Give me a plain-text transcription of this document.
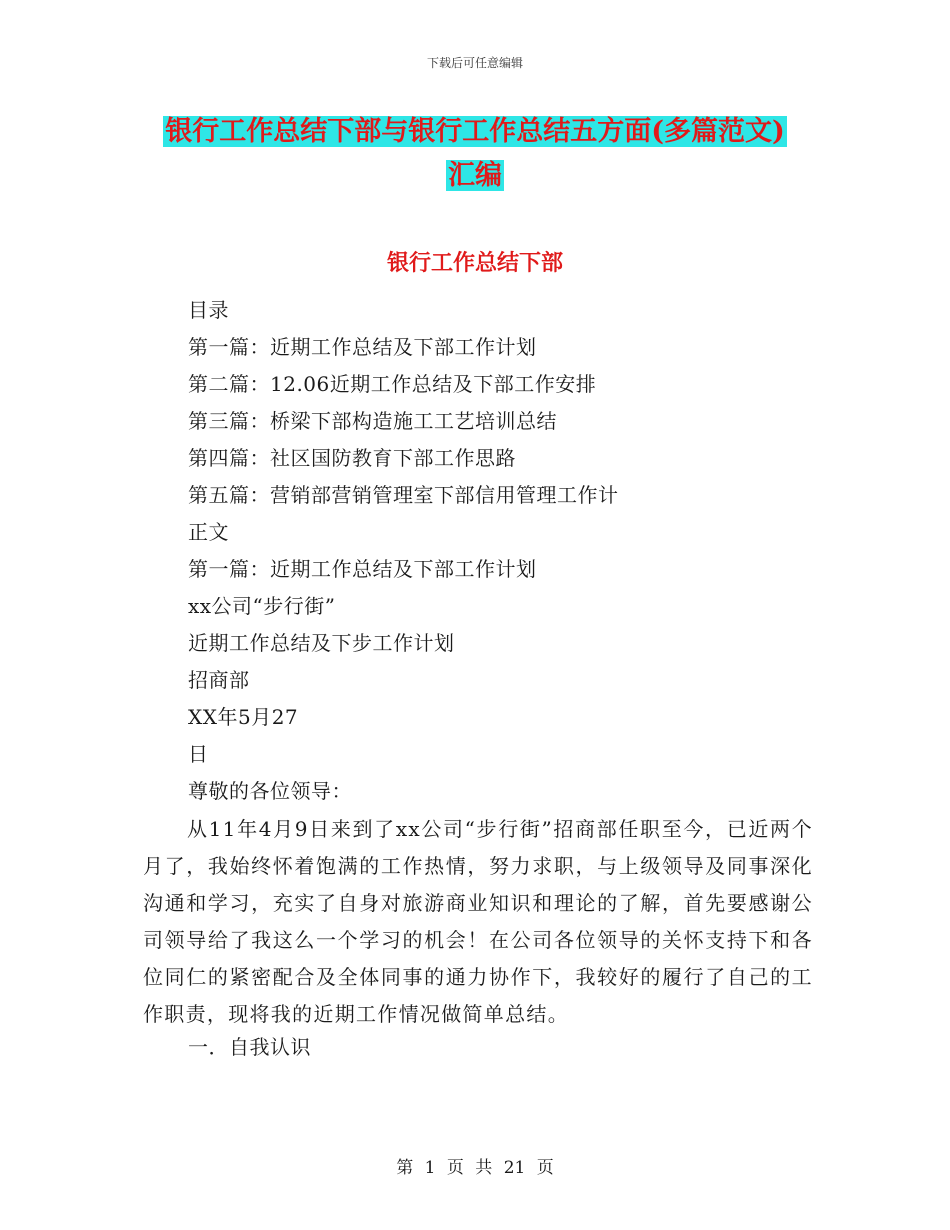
下载后可任意编辑
银行工作总结下部与银行工作总结五方面(多篇范文)
汇编
银行工作总结下部
目录
第一篇：近期工作总结及下部工作计划
第二篇：12.06近期工作总结及下部工作安排
第三篇：桥梁下部构造施工工艺培训总结
第四篇：社区国防教育下部工作思路
第五篇：营销部营销管理室下部信用管理工作计
正文
第一篇：近期工作总结及下部工作计划
xx公司“步行街”
近期工作总结及下步工作计划
招商部
XX年5月27
日
尊敬的各位领导：
从11年4月9日来到了xx公司“步行街”招商部任职至今，已近两个月了，我始终怀着饱满的工作热情，努力求职，与上级领导及同事深化沟通和学习，充实了自身对旅游商业知识和理论的了解，首先要感谢公司领导给了我这么一个学习的机会！在公司各位领导的关怀支持下和各位同仁的紧密配合及全体同事的通力协作下，我较好的履行了自己的工作职责，现将我的近期工作情况做简单总结。
一．自我认识
第 1 页 共 21 页
